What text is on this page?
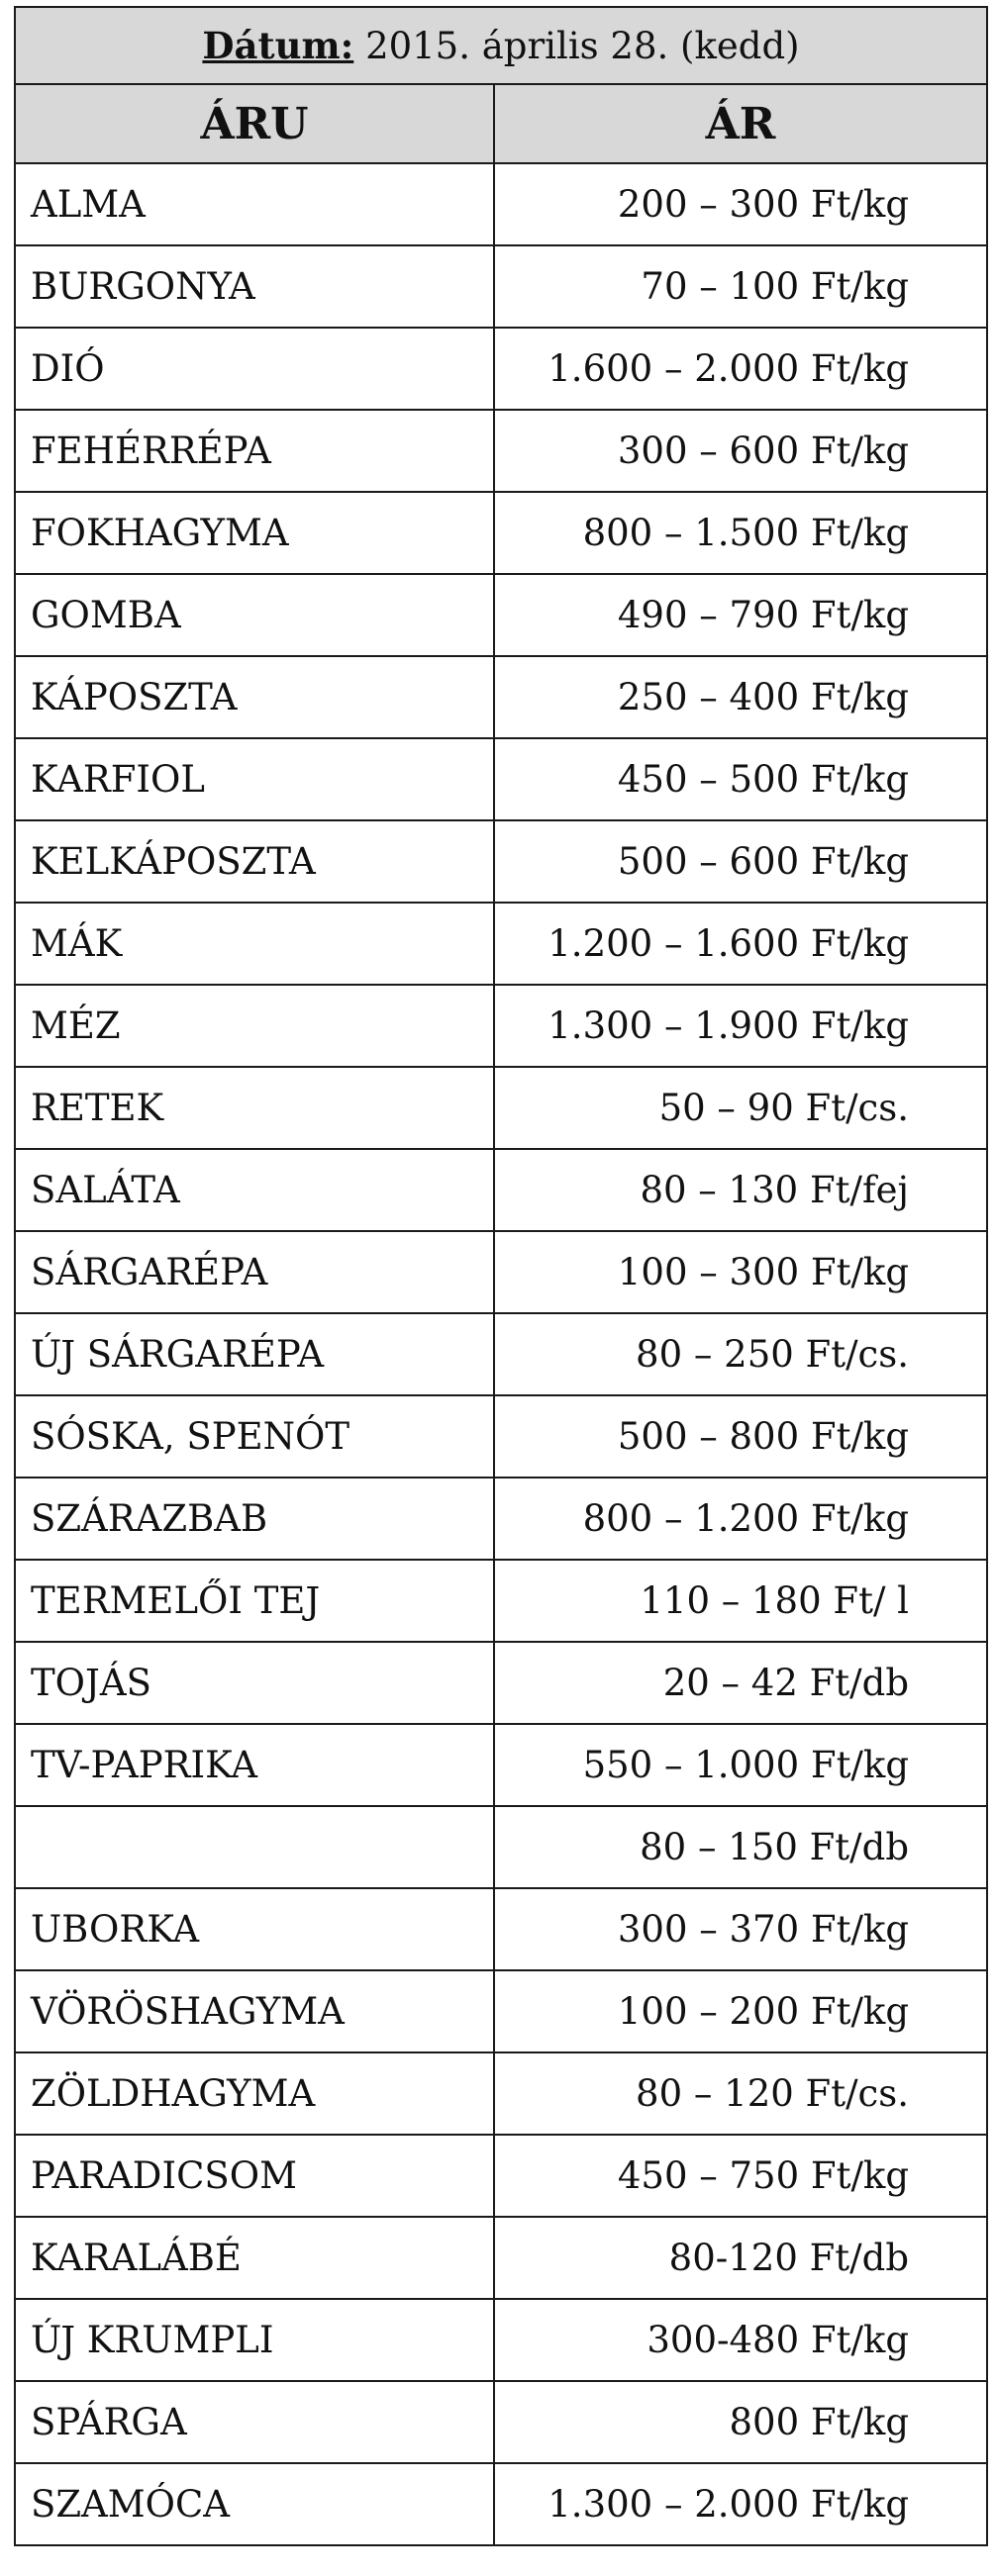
Dátum: 2015. április 28. (kedd)	
ÁRU	ÁR
ALMA	200 – 300 Ft/kg
BURGONYA	70 – 100 Ft/kg
DIÓ	1.600 – 2.000 Ft/kg
FEHÉRRÉPA	300 – 600 Ft/kg
FOKHAGYMA	800 – 1.500 Ft/kg
GOMBA	490 – 790 Ft/kg
KÁPOSZTA	250 – 400 Ft/kg
KARFIOL	450 – 500 Ft/kg
KELKÁPOSZTA	500 – 600 Ft/kg
MÁK	1.200 – 1.600 Ft/kg
MÉZ	1.300 – 1.900 Ft/kg
RETEK	50 – 90 Ft/cs.
SALÁTA	80 – 130 Ft/fej
SÁRGARÉPA	100 – 300 Ft/kg
ÚJ SÁRGARÉPA	80 – 250 Ft/cs.
SÓSKA, SPENÓT	500 – 800 Ft/kg
SZÁRAZBAB	800 – 1.200 Ft/kg
TERMELŐI TEJ	110 – 180 Ft/ l
TOJÁS	20 – 42 Ft/db
TV-PAPRIKA	550 – 1.000 Ft/kg
	80 – 150 Ft/db
UBORKA	300 – 370 Ft/kg
VÖRÖSHAGYMA	100 – 200 Ft/kg
ZÖLDHAGYMA	80 – 120 Ft/cs.
PARADICSOM	450 – 750 Ft/kg
KARALÁBÉ	80-120 Ft/db
ÚJ KRUMPLI	300-480 Ft/kg
SPÁRGA	800 Ft/kg
SZAMÓCA	1.300 – 2.000 Ft/kg
